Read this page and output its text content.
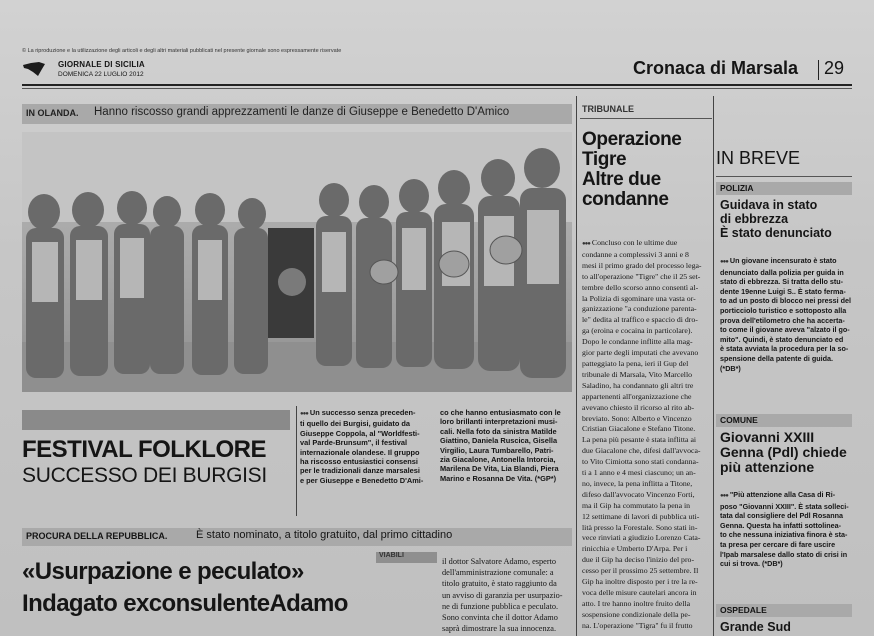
© La riproduzione e la utilizzazione degli articoli e degli altri materiali pubblicati nel presente giornale sono espressamente riservate
GIORNALE DI SICILIA
DOMENICA 22 LUGLIO 2012	Cronaca di Marsala 29
IN OLANDA. Hanno riscosso grandi apprezzamenti le danze di Giuseppe e Benedetto D'Amico
FESTIVAL FOLKLORE
SUCCESSO DEI BURGISI
●●● Un successo senza preceden-
ti quello dei Burgisi, guidato da
Giuseppe Coppola, al "Worldfesti-
val Parde-Brunsum", il festival
internazionale olandese. Il gruppo
ha riscosso entusiastici consensi
per le tradizionali danze marsalesi
e per Giuseppe e Benedetto D'Ami-
co che hanno entusiasmato con le
loro brillanti interpretazioni musi-
cali. Nella foto da sinistra Matilde
Giattino, Daniela Ruscica, Gisella
Virgilio, Laura Tumbarello, Patri-
zia Giacalone, Antonella Intorcia,
Marilena De Vita, Lia Blandi, Piera
Marino e Rosanna De Vita. (*GP*)
PROCURA DELLA REPUBBLICA.	È stato nominato, a titolo gratuito, dal primo cittadino
«Usurpazione e peculato»
Indagato exconsulenteAdamo
VIABILI
il dottor Salvatore Adamo, esperto
dell'amministrazione comunale: a
titolo gratuito, è stato raggiunto da
un avviso di garanzia per usurpazio-
ne di funzione pubblica e peculato.
Sono convinta che il dottor Adamo
saprà dimostrare la sua innocenza.
TRIBUNALE
Operazione
Tigre
Altre due
condanne
●●● Concluso con le ultime due
condanne a complessivi 3 anni e 8
mesi il primo grado del processo lega-
to all'operazione "Tigre" che il 25 set-
tembre dello scorso anno consentì al-
la Polizia di sgominare una vasta or-
ganizzazione "a conduzione parenta-
le" dedita al traffico e spaccio di dro-
ga (eroina e cocaina in particolare).
Dopo le condanne inflitte alla mag-
gior parte degli imputati che avevano
patteggiato la pena, ieri il Gup del
tribunale di Marsala, Vito Marcello
Saladino, ha condannato gli altri tre
appartenenti all'organizzazione che
avevano chiesto il ricorso al rito ab-
breviato. Sono: Alberto e Vincenzo
Cristian Giacalone e Stefano Titone.
La pena più pesante è stata inflitta ai
due Giacalone che, difesi dall'avvoca-
to Vito Cimiotta sono stati condanna-
ti a 1 anno e 4 mesi ciascuno; un an-
no, invece, la pena inflitta a Titone,
difeso dall'avvocato Vincenzo Forti,
ma il Gip ha commutato la pena in
12 settimane di lavori di pubblica uti-
lità presso la Forestale. Sono stati in-
vece rinviati a giudizio Lorenzo Cata-
rinicchia e Umberto D'Arpa. Per i
due il Gip ha deciso l'inizio del pro-
cesso per il prossimo 25 settembre. Il
Gip ha inoltre disposto per i tre la re-
voca delle misure cautelari ancora in
atto. I tre hanno inoltre fruito della
sospensione condizionale della pe-
na. L'operazione "Tigra" fu il frutto
IN BREVE
POLIZIA
Guidava in stato
di ebbrezza
È stato denunciato
●●● Un giovane incensurato è stato
denunciato dalla polizia per guida in
stato di ebbrezza. Si tratta dello stu-
dente 19enne Luigi S.. È stato ferma-
to ad un posto di blocco nei pressi del
porticciolo turistico e sottoposto alla
prova dell'etilometro che ha accerta-
to come il giovane aveva "alzato il go-
mito". Quindi, è stato denunciato ed
è stata avviata la procedura per la so-
spensione della patente di guida.
(*DB*)
COMUNE
Giovanni XXIII
Genna (Pdl) chiede
più attenzione
●●● "Più attenzione alla Casa di Ri-
poso "Giovanni XXIII". È stata solleci-
tata dal consigliere del Pdl Rosanna
Genna. Questa ha infatti sottolinea-
to che nessuna iniziativa finora è sta-
ta presa per cercare di fare uscire
l'Ipab marsalese dallo stato di crisi in
cui si trova. (*DB*)
OSPEDALE
Grande Sud
